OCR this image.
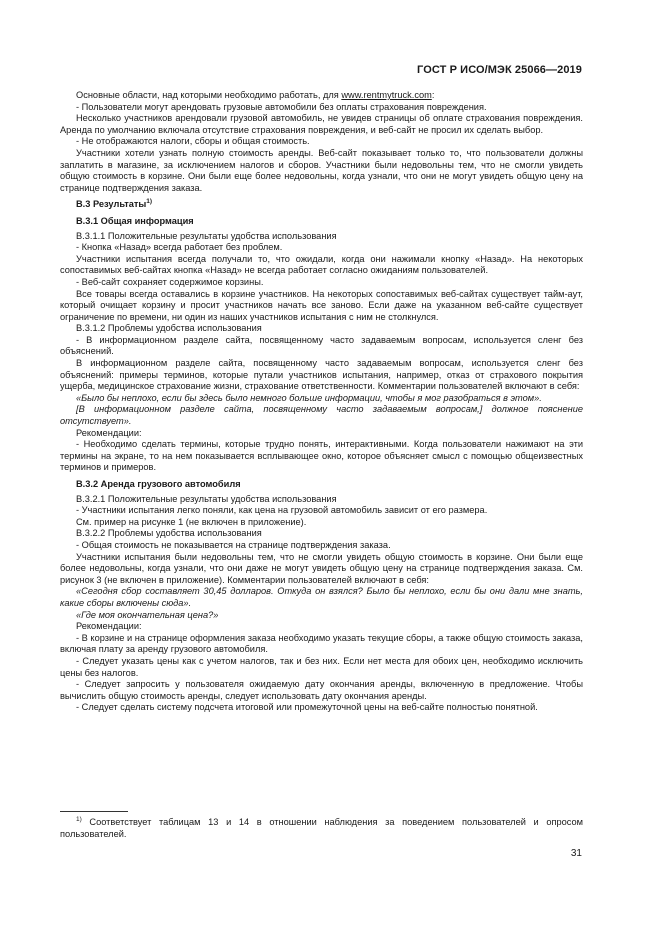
ГОСТ Р ИСО/МЭК 25066—2019

Основные области, над которыми необходимо работать, для www.rentmytruck.com:

- Пользователи могут арендовать грузовые автомобили без оплаты страхования повреждения.

Несколько участников арендовали грузовой автомобиль, не увидев страницы об оплате страхования повреждения. Аренда по умолчанию включала отсутствие страхования повреждения, и веб-сайт не просил их сделать выбор.

- Не отображаются налоги, сборы и общая стоимость.

Участники хотели узнать полную стоимость аренды. Веб-сайт показывает только то, что пользователи должны заплатить в магазине, за исключением налогов и сборов. Участники были недовольны тем, что не смогли увидеть общую стоимость в корзине. Они были еще более недовольны, когда узнали, что они не могут увидеть общую цену на странице подтверждения заказа.

В.3 Результаты$^{1)}$

В.3.1 Общая информация

В.3.1.1 Положительные результаты удобства использования

- Кнопка «Назад» всегда работает без проблем.

Участники испытания всегда получали то, что ожидали, когда они нажимали кнопку «Назад». На некоторых сопоставимых веб-сайтах кнопка «Назад» не всегда работает согласно ожиданиям пользователей.

- Веб-сайт сохраняет содержимое корзины.

Все товары всегда оставались в корзине участников. На некоторых сопоставимых веб-сайтах существует тайм-аут, который очищает корзину и просит участников начать все заново. Если даже на указанном веб-сайте существует ограничение по времени, ни один из наших участников испытания с ним не столкнулся.

В.3.1.2 Проблемы удобства использования

- В информационном разделе сайта, посвященному часто задаваемым вопросам, используется сленг без объяснений.

В информационном разделе сайта, посвященному часто задаваемым вопросам, используется сленг без объяснений: примеры терминов, которые путали участников испытания, например, отказ от страхового покрытия ущерба, медицинское страхование жизни, страхование ответственности. Комментарии пользователей включают в себя:

«Было бы неплохо, если бы здесь было немного больше информации, чтобы я мог разобраться в этом».

[В информационном разделе сайта, посвященному часто задаваемым вопросам,] должное пояснение отсутствует».

Рекомендации:

- Необходимо сделать термины, которые трудно понять, интерактивными. Когда пользователи нажимают на эти термины на экране, то на нем показывается всплывающее окно, которое объясняет смысл с помощью общеизвестных терминов и примеров.

В.3.2 Аренда грузового автомобиля

В.3.2.1 Положительные результаты удобства использования

- Участники испытания легко поняли, как цена на грузовой автомобиль зависит от его размера.

См. пример на рисунке 1 (не включен в приложение).

В.3.2.2 Проблемы удобства использования

- Общая стоимость не показывается на странице подтверждения заказа.

Участники испытания были недовольны тем, что не смогли увидеть общую стоимость в корзине. Они были еще более недовольны, когда узнали, что они даже не могут увидеть общую цену на странице подтверждения заказа. См. рисунок 3 (не включен в приложение). Комментарии пользователей включают в себя:

«Сегодня сбор составляет 30,45 долларов. Откуда он взялся? Было бы неплохо, если бы они дали мне знать, какие сборы включены сюда».

«Где моя окончательная цена?»

Рекомендации:

- В корзине и на странице оформления заказа необходимо указать текущие сборы, а также общую стоимость заказа, включая плату за аренду грузового автомобиля.

- Следует указать цены как с учетом налогов, так и без них. Если нет места для обоих цен, необходимо исключить цены без налогов.

- Следует запросить у пользователя ожидаемую дату окончания аренды, включенную в предложение. Чтобы вычислить общую стоимость аренды, следует использовать дату окончания аренды.

- Следует сделать систему подсчета итоговой или промежуточной цены на веб-сайте полностью понятной.

$^{1)}$ Соответствует таблицам 13 и 14 в отношении наблюдения за поведением пользователей и опросом пользователей.
31
